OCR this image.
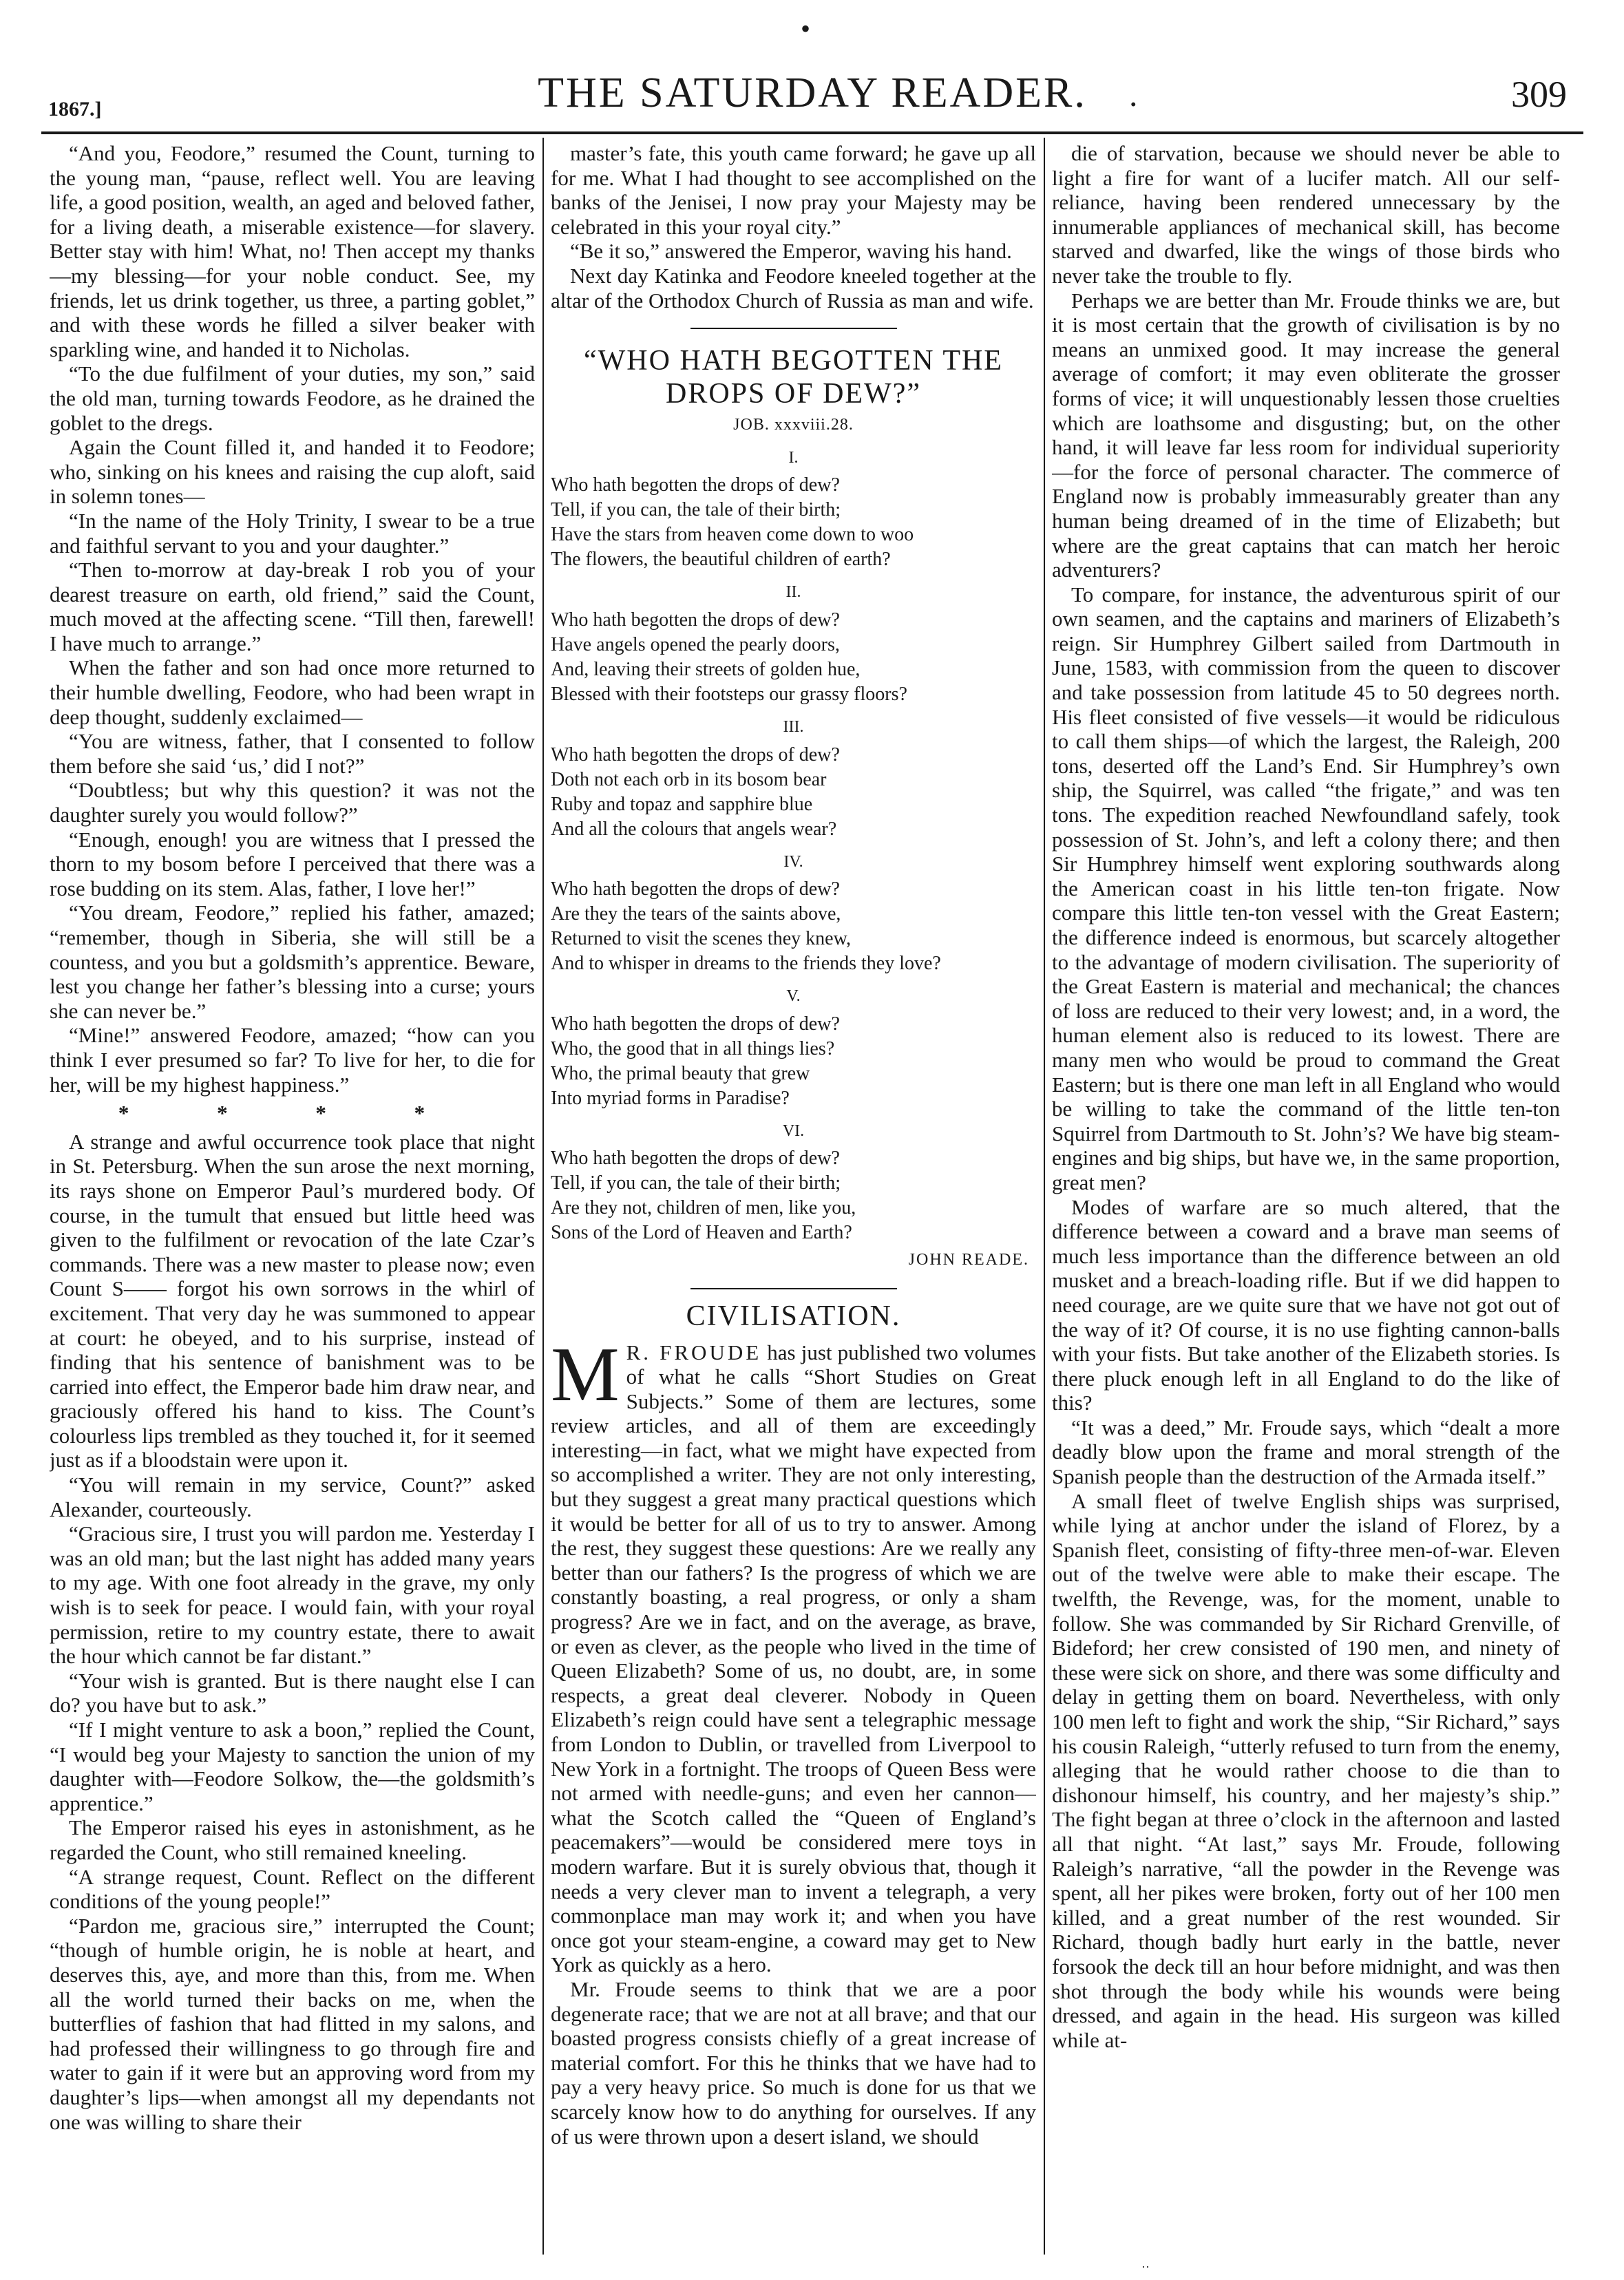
•
1867.]	THE SATURDAY READER.	.	309

“And you, Feodore,” resumed the Count, turning to the young man, “pause, reflect well. You are leaving life, a good position, wealth, an aged and beloved father, for a living death, a miserable existence—for slavery. Better stay with him! What, no! Then accept my thanks—my blessing—for your noble conduct. See, my friends, let us drink together, us three, a parting goblet,” and with these words he filled a silver beaker with sparkling wine, and handed it to Nicholas.

“To the due fulfilment of your duties, my son,” said the old man, turning towards Feodore, as he drained the goblet to the dregs.

Again the Count filled it, and handed it to Feodore; who, sinking on his knees and raising the cup aloft, said in solemn tones—

“In the name of the Holy Trinity, I swear to be a true and faithful servant to you and your daughter.”

“Then to-morrow at day-break I rob you of your dearest treasure on earth, old friend,” said the Count, much moved at the affecting scene. “Till then, farewell! I have much to arrange.”

When the father and son had once more returned to their humble dwelling, Feodore, who had been wrapt in deep thought, suddenly exclaimed—

“You are witness, father, that I consented to follow them before she said ‘us,’ did I not?”

“Doubtless; but why this question? it was not the daughter surely you would follow?”

“Enough, enough! you are witness that I pressed the thorn to my bosom before I perceived that there was a rose budding on its stem. Alas, father, I love her!”

“You dream, Feodore,” replied his father, amazed; “remember, though in Siberia, she will still be a countess, and you but a goldsmith’s apprentice. Beware, lest you change her father’s blessing into a curse; yours she can never be.”

“Mine!” answered Feodore, amazed; “how can you think I ever presumed so far? To live for her, to die for her, will be my highest happiness.”

* * * *

A strange and awful occurrence took place that night in St. Petersburg. When the sun arose the next morning, its rays shone on Emperor Paul’s murdered body. Of course, in the tumult that ensued but little heed was given to the fulfilment or revocation of the late Czar’s commands. There was a new master to please now; even Count S—— forgot his own sorrows in the whirl of excitement. That very day he was summoned to appear at court: he obeyed, and to his surprise, instead of finding that his sentence of banishment was to be carried into effect, the Emperor bade him draw near, and graciously offered his hand to kiss. The Count’s colourless lips trembled as they touched it, for it seemed just as if a bloodstain were upon it.

“You will remain in my service, Count?” asked Alexander, courteously.

“Gracious sire, I trust you will pardon me. Yesterday I was an old man; but the last night has added many years to my age. With one foot already in the grave, my only wish is to seek for peace. I would fain, with your royal permission, retire to my country estate, there to await the hour which cannot be far distant.”

“Your wish is granted. But is there naught else I can do? you have but to ask.”

“If I might venture to ask a boon,” replied the Count, “I would beg your Majesty to sanction the union of my daughter with—Feodore Solkow, the—the goldsmith’s apprentice.”

The Emperor raised his eyes in astonishment, as he regarded the Count, who still remained kneeling.

“A strange request, Count. Reflect on the different conditions of the young people!”

“Pardon me, gracious sire,” interrupted the Count; “though of humble origin, he is noble at heart, and deserves this, aye, and more than this, from me. When all the world turned their backs on me, when the butterflies of fashion that had flitted in my salons, and had professed their willingness to go through fire and water to gain if it were but an approving word from my daughter’s lips—when amongst all my dependants not one was willing to share their

master’s fate, this youth came forward; he gave up all for me. What I had thought to see accomplished on the banks of the Jenisei, I now pray your Majesty may be celebrated in this your royal city.”

“Be it so,” answered the Emperor, waving his hand.

Next day Katinka and Feodore kneeled together at the altar of the Orthodox Church of Russia as man and wife.

“WHO HATH BEGOTTEN THE DROPS OF DEW?”
JOB. xxxviii.28.
I.

Who hath begotten the drops of dew?

Tell, if you can, the tale of their birth;

Have the stars from heaven come down to woo

The flowers, the beautiful children of earth?

II.

Who hath begotten the drops of dew?

Have angels opened the pearly doors,

And, leaving their streets of golden hue,

Blessed with their footsteps our grassy floors?

III.

Who hath begotten the drops of dew?

Doth not each orb in its bosom bear

Ruby and topaz and sapphire blue

And all the colours that angels wear?

IV.

Who hath begotten the drops of dew?

Are they the tears of the saints above,

Returned to visit the scenes they knew,

And to whisper in dreams to the friends they love?

V.

Who hath begotten the drops of dew?

Who, the good that in all things lies?

Who, the primal beauty that grew

Into myriad forms in Paradise?

VI.

Who hath begotten the drops of dew?

Tell, if you can, the tale of their birth;

Are they not, children of men, like you,

Sons of the Lord of Heaven and Earth?

JOHN READE.
CIVILISATION.

M R. FROUDE has just published two volumes of what he calls “Short Studies on Great Subjects.” Some of them are lectures, some review articles, and all of them are exceedingly interesting—in fact, what we might have expected from so accomplished a writer. They are not only interesting, but they suggest a great many practical questions which it would be better for all of us to try to answer. Among the rest, they suggest these questions: Are we really any better than our fathers? Is the progress of which we are constantly boasting, a real progress, or only a sham progress? Are we in fact, and on the average, as brave, or even as clever, as the people who lived in the time of Queen Elizabeth? Some of us, no doubt, are, in some respects, a great deal cleverer. Nobody in Queen Elizabeth’s reign could have sent a telegraphic message from London to Dublin, or travelled from Liverpool to New York in a fortnight. The troops of Queen Bess were not armed with needle-guns; and even her cannon—what the Scotch called the “Queen of England’s peacemakers”—would be considered mere toys in modern warfare. But it is surely obvious that, though it needs a very clever man to invent a telegraph, a very commonplace man may work it; and when you have once got your steam-engine, a coward may get to New York as quickly as a hero.

Mr. Froude seems to think that we are a poor degenerate race; that we are not at all brave; and that our boasted progress consists chiefly of a great increase of material comfort. For this he thinks that we have had to pay a very heavy price. So much is done for us that we scarcely know how to do anything for ourselves. If any of us were thrown upon a desert island, we should

die of starvation, because we should never be able to light a fire for want of a lucifer match. All our self-reliance, having been rendered unnecessary by the innumerable appliances of mechanical skill, has become starved and dwarfed, like the wings of those birds who never take the trouble to fly.

Perhaps we are better than Mr. Froude thinks we are, but it is most certain that the growth of civilisation is by no means an unmixed good. It may increase the general average of comfort; it may even obliterate the grosser forms of vice; it will unquestionably lessen those cruelties which are loathsome and disgusting; but, on the other hand, it will leave far less room for individual superiority—for the force of personal character. The commerce of England now is probably immeasurably greater than any human being dreamed of in the time of Elizabeth; but where are the great captains that can match her heroic adventurers?

To compare, for instance, the adventurous spirit of our own seamen, and the captains and mariners of Elizabeth’s reign. Sir Humphrey Gilbert sailed from Dartmouth in June, 1583, with commission from the queen to discover and take possession from latitude 45 to 50 degrees north. His fleet consisted of five vessels—it would be ridiculous to call them ships—of which the largest, the Raleigh, 200 tons, deserted off the Land’s End. Sir Humphrey’s own ship, the Squirrel, was called “the frigate,” and was ten tons. The expedition reached Newfoundland safely, took possession of St. John’s, and left a colony there; and then Sir Humphrey himself went exploring southwards along the American coast in his little ten-ton frigate. Now compare this little ten-ton vessel with the Great Eastern; the difference indeed is enormous, but scarcely altogether to the advantage of modern civilisation. The superiority of the Great Eastern is material and mechanical; the chances of loss are reduced to their very lowest; and, in a word, the human element also is reduced to its lowest. There are many men who would be proud to command the Great Eastern; but is there one man left in all England who would be willing to take the command of the little ten-ton Squirrel from Dartmouth to St. John’s? We have big steam-engines and big ships, but have we, in the same proportion, great men?

Modes of warfare are so much altered, that the difference between a coward and a brave man seems of much less importance than the difference between an old musket and a breach-loading rifle. But if we did happen to need courage, are we quite sure that we have not got out of the way of it? Of course, it is no use fighting cannon-balls with your fists. But take another of the Elizabeth stories. Is there pluck enough left in all England to do the like of this?

“It was a deed,” Mr. Froude says, which “dealt a more deadly blow upon the frame and moral strength of the Spanish people than the destruction of the Armada itself.”

A small fleet of twelve English ships was surprised, while lying at anchor under the island of Florez, by a Spanish fleet, consisting of fifty-three men-of-war. Eleven out of the twelve were able to make their escape. The twelfth, the Revenge, was, for the moment, unable to follow. She was commanded by Sir Richard Grenville, of Bideford; her crew consisted of 190 men, and ninety of these were sick on shore, and there was some difficulty and delay in getting them on board. Nevertheless, with only 100 men left to fight and work the ship, “Sir Richard,” says his cousin Raleigh, “utterly refused to turn from the enemy, alleging that he would rather choose to die than to dishonour himself, his country, and her majesty’s ship.” The fight began at three o’clock in the afternoon and lasted all that night. “At last,” says Mr. Froude, following Raleigh’s narrative, “all the powder in the Revenge was spent, all her pikes were broken, forty out of her 100 men killed, and a great number of the rest wounded. Sir Richard, though badly hurt early in the battle, never forsook the deck till an hour before midnight, and was then shot through the body while his wounds were being dressed, and again in the head. His surgeon was killed while at-

··
